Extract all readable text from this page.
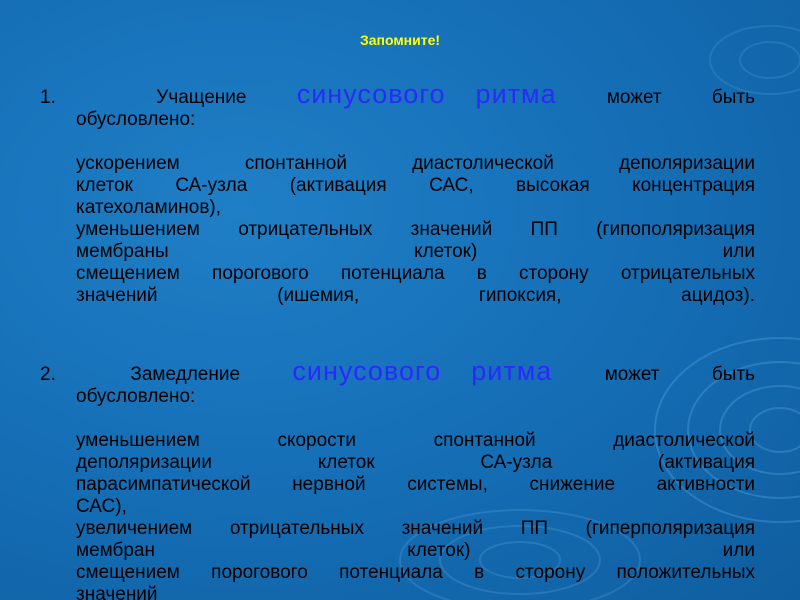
Запомните!
1.	Учащение синусового ритма	может	быть
обусловлено:
ускорением спонтанной диастолической деполяризации
клеток СА-узла (активация САС, высокая концентрация
катехоламинов),
уменьшением отрицательных значений ПП (гипополяризация
мембраны клеток) или
смещением порогового потенциала в сторону отрицательных
значений (ишемия, гипоксия, ацидоз).
2.	Замедление синусового ритма	может	быть
обусловлено:
уменьшением скорости спонтанной диастолической
деполяризации клеток СА-узла (активация
парасимпатической нервной системы, снижение активности
САС),
увеличением отрицательных значений ПП (гиперполяризация
мембран клеток) или
смещением порогового потенциала в сторону положительных
значений
